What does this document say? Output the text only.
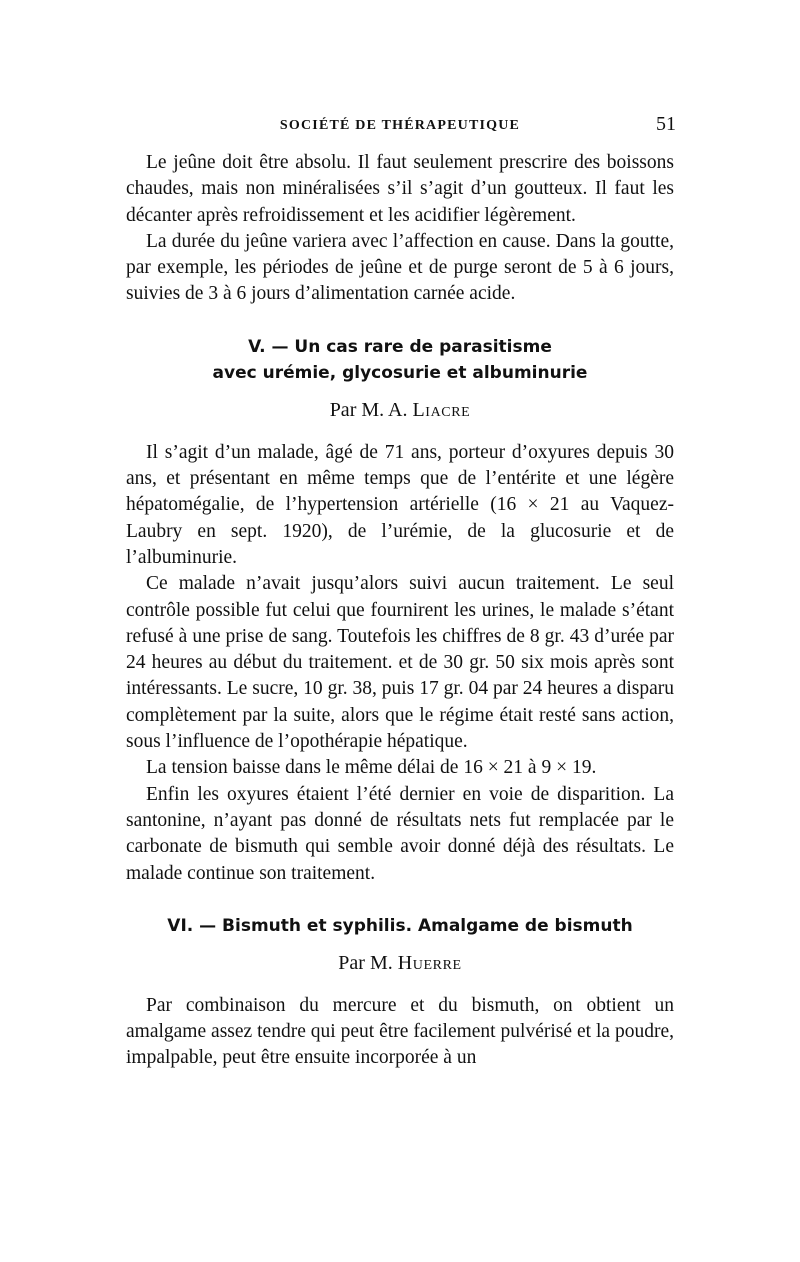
SOCIÉTÉ DE THÉRAPEUTIQUE	51

Le jeûne doit être absolu. Il faut seulement prescrire des boissons chaudes, mais non minéralisées s’il s’agit d’un goutteux. Il faut les décanter après refroidissement et les acidifier légèrement.

La durée du jeûne variera avec l’affection en cause. Dans la goutte, par exemple, les périodes de jeûne et de purge seront de 5 à 6 jours, suivies de 3 à 6 jours d’alimentation carnée acide.

V. — Un cas rare de parasitisme
avec urémie, glycosurie et albuminurie
Par M. A. Liacre

Il s’agit d’un malade, âgé de 71 ans, porteur d’oxyures depuis 30 ans, et présentant en même temps que de l’entérite et une légère hépatomégalie, de l’hypertension artérielle (16 × 21 au Vaquez-Laubry en sept. 1920), de l’urémie, de la glucosurie et de l’albuminurie.

Ce malade n’avait jusqu’alors suivi aucun traitement. Le seul contrôle possible fut celui que fournirent les urines, le malade s’étant refusé à une prise de sang. Toutefois les chiffres de 8 gr. 43 d’urée par 24 heures au début du traitement. et de 30 gr. 50 six mois après sont intéressants. Le sucre, 10 gr. 38, puis 17 gr. 04 par 24 heures a disparu complètement par la suite, alors que le régime était resté sans action, sous l’influence de l’opothérapie hépatique.

La tension baisse dans le même délai de 16 × 21 à 9 × 19.

Enfin les oxyures étaient l’été dernier en voie de disparition. La santonine, n’ayant pas donné de résultats nets fut remplacée par le carbonate de bismuth qui semble avoir donné déjà des résultats. Le malade continue son traitement.

VI. — Bismuth et syphilis. Amalgame de bismuth
Par M. Huerre

Par combinaison du mercure et du bismuth, on obtient un amalgame assez tendre qui peut être facilement pulvérisé et la poudre, impalpable, peut être ensuite incorporée à un
